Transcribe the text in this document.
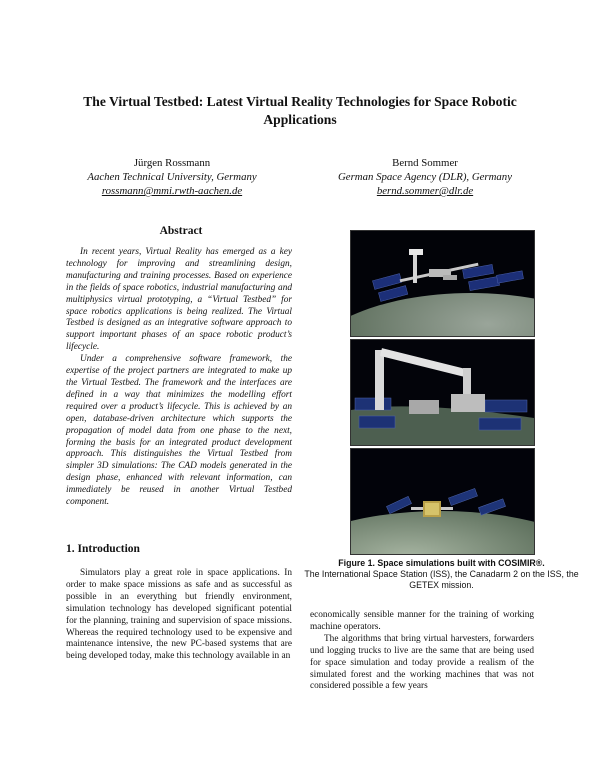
The Virtual Testbed: Latest Virtual Reality Technologies for Space Robotic Applications
Jürgen Rossmann
Aachen Technical University, Germany
rossmann@mmi.rwth-aachen.de
Bernd Sommer
German Space Agency (DLR), Germany
bernd.sommer@dlr.de
Abstract

In recent years, Virtual Reality has emerged as a key technology for improving and streamlining design, manufacturing and training processes. Based on experience in the fields of space robotics, industrial manufacturing and multiphysics virtual prototyping, a “Virtual Testbed” for space robotics applications is being realized. The Virtual Testbed is designed as an integrative software approach to support important phases of an space robotic product’s lifecycle.

Under a comprehensive software framework, the expertise of the project partners are integrated to make up the Virtual Testbed. The framework and the interfaces are defined in a way that minimizes the modelling effort required over a product’s lifecycle. This is achieved by an open, database-driven architecture which supports the propagation of model data from one phase to the next, forming the basis for an integrated product development approach. This distinguishes the Virtual Testbed from simpler 3D simulations: The CAD models generated in the design phase, enhanced with relevant information, can immediately be reused in another Virtual Testbed component.

1. Introduction

Simulators play a great role in space applications. In order to make space missions as safe and as successful as possible in an everything but friendly environment, simulation technology has developed significant potential for the planning, training and supervision of space missions. Whereas the required technology used to be expensive and maintenance intensive, the new PC-based systems that are being developed today, make this technology available in an

Figure 1. Space simulations built with COSIMIR®.
The International Space Station (ISS), the Canadarm 2 on the ISS, the GETEX mission.

economically sensible manner for the training of working machine operators.

The algorithms that bring virtual harvesters, forwarders und logging trucks to live are the same that are being used for space simulation and today provide a realism of the simulated forest and the working machines that was not considered possible a few years
